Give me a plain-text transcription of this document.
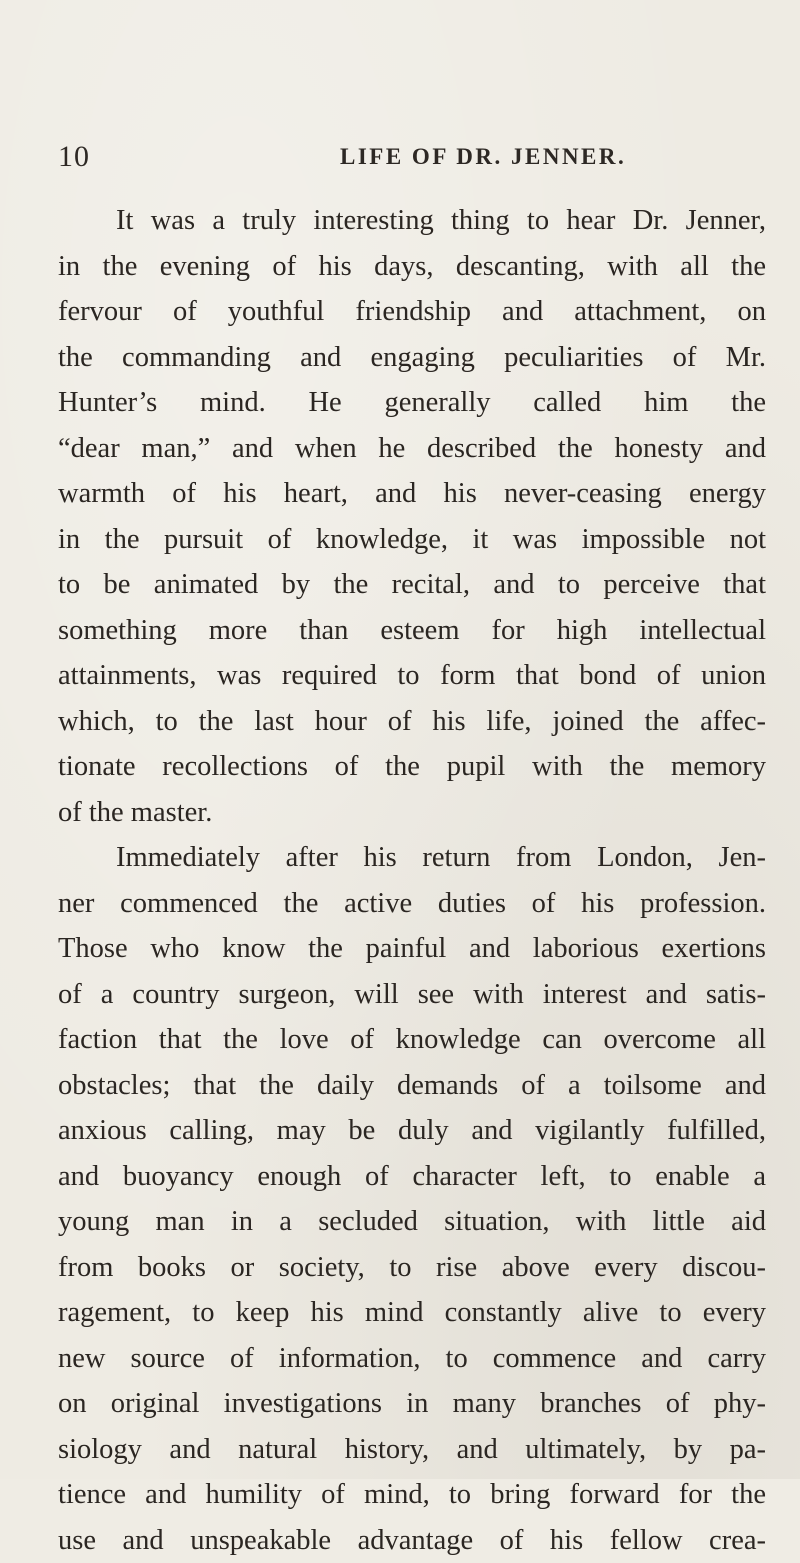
10	LIFE OF DR. JENNER.
It was a truly interesting thing to hear Dr. Jenner,
in the evening of his days, descanting, with all the
fervour of youthful friendship and attachment, on
the commanding and engaging peculiarities of Mr.
Hunter’s mind. He generally called him the
“dear man,” and when he described the honesty and
warmth of his heart, and his never-ceasing energy
in the pursuit of knowledge, it was impossible not
to be animated by the recital, and to perceive that
something more than esteem for high intellectual
attainments, was required to form that bond of union
which, to the last hour of his life, joined the affec-
tionate recollections of the pupil with the memory
of the master.
Immediately after his return from London, Jen-
ner commenced the active duties of his profession.
Those who know the painful and laborious exertions
of a country surgeon, will see with interest and satis-
faction that the love of knowledge can overcome all
obstacles; that the daily demands of a toilsome and
anxious calling, may be duly and vigilantly fulfilled,
and buoyancy enough of character left, to enable a
young man in a secluded situation, with little aid
from books or society, to rise above every discou-
ragement, to keep his mind constantly alive to every
new source of information, to commence and carry
on original investigations in many branches of phy-
siology and natural history, and ultimately, by pa-
tience and humility of mind, to bring forward for the
use and unspeakable advantage of his fellow crea-
